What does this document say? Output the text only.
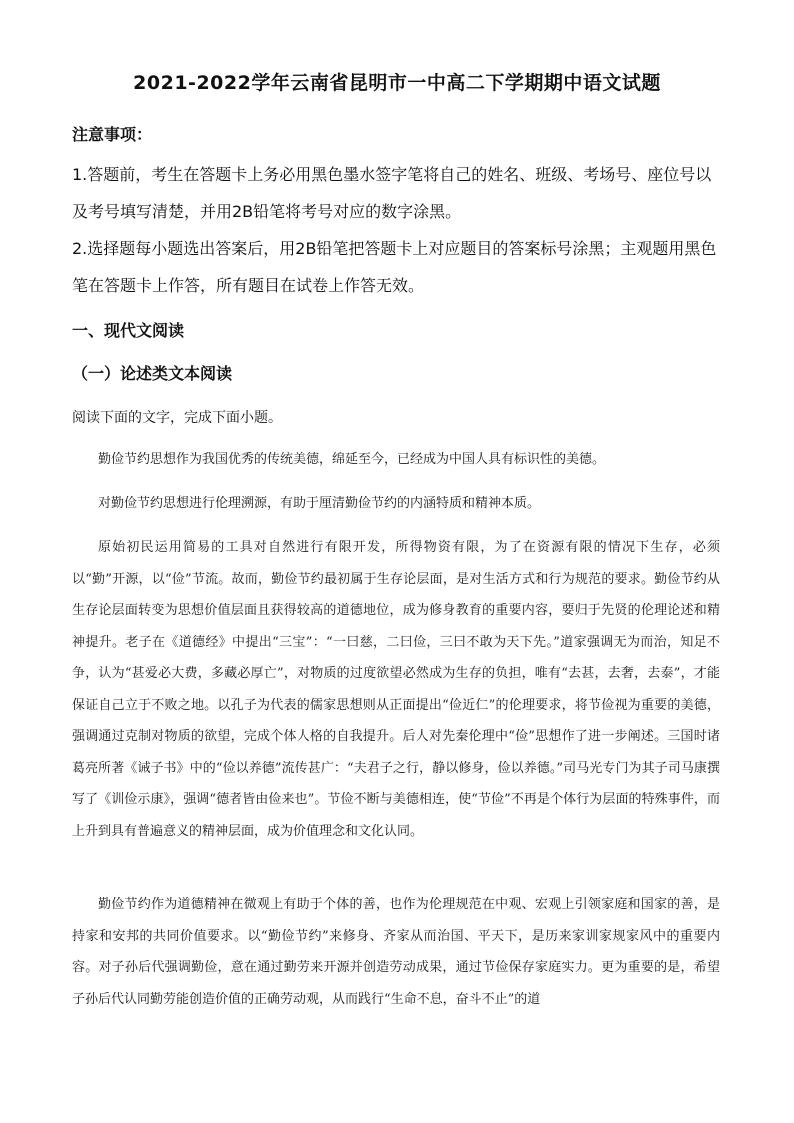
2021-2022学年云南省昆明市一中高二下学期期中语文试题
注意事项：
1.答题前，考生在答题卡上务必用黑色墨水签字笔将自己的姓名、班级、考场号、座位号以及考号填写清楚，并用2B铅笔将考号对应的数字涂黑。
2.选择题每小题选出答案后，用2B铅笔把答题卡上对应题目的答案标号涂黑；主观题用黑色笔在答题卡上作答，所有题目在试卷上作答无效。
一、现代文阅读
（一）论述类文本阅读
阅读下面的文字，完成下面小题。

勤俭节约思想作为我国优秀的传统美德，绵延至今，已经成为中国人具有标识性的美德。

对勤俭节约思想进行伦理溯源，有助于厘清勤俭节约的内涵特质和精神本质。

原始初民运用简易的工具对自然进行有限开发，所得物资有限，为了在资源有限的情况下生存，必须以“勤”开源，以“俭”节流。故而，勤俭节约最初属于生存论层面，是对生活方式和行为规范的要求。勤俭节约从生存论层面转变为思想价值层面且获得较高的道德地位，成为修身教育的重要内容，要归于先贤的伦理论述和精神提升。老子在《道德经》中提出“三宝”：“一曰慈，二曰俭，三曰不敢为天下先。”道家强调无为而治，知足不争，认为“甚爱必大费，多藏必厚亡”，对物质的过度欲望必然成为生存的负担，唯有“去甚，去奢，去泰”，才能保证自己立于不败之地。以孔子为代表的儒家思想则从正面提出“俭近仁”的伦理要求，将节俭视为重要的美德，强调通过克制对物质的欲望，完成个体人格的自我提升。后人对先秦伦理中“俭”思想作了进一步阐述。三国时诸葛亮所著《诫子书》中的“俭以养德”流传甚广：“夫君子之行，静以修身，俭以养德。”司马光专门为其子司马康撰写了《训俭示康》，强调“德者皆由俭来也”。节俭不断与美德相连，使“节俭”不再是个体行为层面的特殊事件，而上升到具有普遍意义的精神层面，成为价值理念和文化认同。

勤俭节约作为道德精神在微观上有助于个体的善，也作为伦理规范在中观、宏观上引领家庭和国家的善，是持家和安邦的共同价值要求。以“勤俭节约”来修身、齐家从而治国、平天下，是历来家训家规家风中的重要内容。对子孙后代强调勤俭，意在通过勤劳来开源并创造劳动成果，通过节俭保存家庭实力。更为重要的是，希望子孙后代认同勤劳能创造价值的正确劳动观，从而践行“生命不息，奋斗不止”的道
